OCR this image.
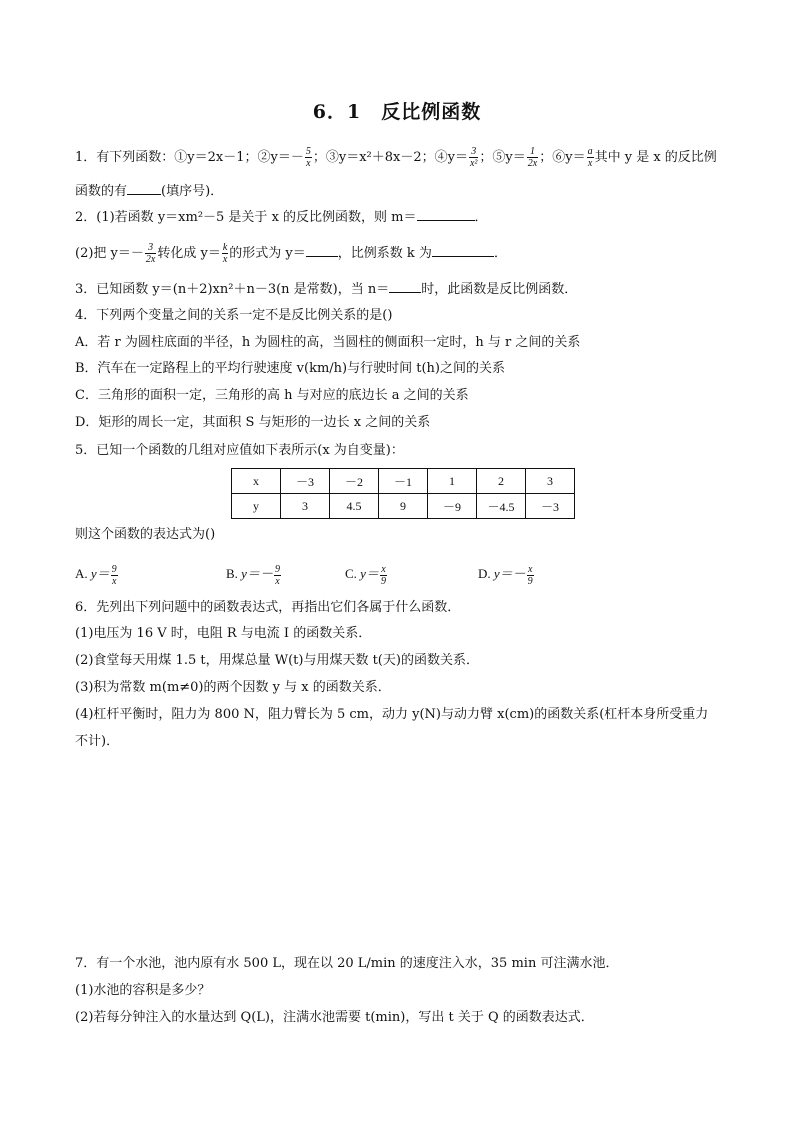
6．1　反比例函数
1．有下列函数：①y＝2x－1；②y＝－ $\frac{5}{x}$ ；③y＝x²＋8x－2；④y＝ $\frac{3}{\text{x²}}$ ；⑤y＝ $\frac{1}{2x}$ ；⑥y＝ $\frac{a}{x}$ 其中 y 是 x 的反比例
函数的有	(填序号)．
2．(1)若函数 y＝xm²－5 是关于 x 的反比例函数，则 m＝	．
(2)把 $y=- \frac{3}{2x}$ 转化成 $y= \frac{k}{x}$ 的形式为 y＝ ，比例系数 k 为	．
3．已知函数 y＝(n＋2)xn²＋n－3(n 是常数)，当 n＝ 时，此函数是反比例函数．
4．下列两个变量之间的关系一定不是反比例关系的是()
A．若 r 为圆柱底面的半径，h 为圆柱的高，当圆柱的侧面积一定时，h 与 r 之间的关系
B．汽车在一定路程上的平均行驶速度 v(km/h)与行驶时间 t(h)之间的关系
C．三角形的面积一定，三角形的高 h 与对应的底边长 a 之间的关系
D．矩形的周长一定，其面积 S 与矩形的一边长 x 之间的关系
5．已知一个函数的几组对应值如下表所示(x 为自变量)：
x	－3	－2	－1	1	2	3
y	3	4.5	9	－9	－4.5	－3
则这个函数的表达式为()
A. $y= \frac{9}{x}$	B. $y=- \frac{9}{x}$	C. $y= \frac{x}{9}$	D. $y=- \frac{x}{9}$
6．先列出下列问题中的函数表达式，再指出它们各属于什么函数．
(1)电压为 16 V 时，电阻 R 与电流 I 的函数关系．
(2)食堂每天用煤 1.5 t，用煤总量 W(t)与用煤天数 t(天)的函数关系．
(3)积为常数 m(m≠0)的两个因数 y 与 x 的函数关系．
(4)杠杆平衡时，阻力为 800 N，阻力臂长为 5 cm，动力 y(N)与动力臂 x(cm)的函数关系(杠杆本身所受重力
不计)．
7．有一个水池，池内原有水 500 L，现在以 20 L/min 的速度注入水，35 min 可注满水池．
(1)水池的容积是多少？
(2)若每分钟注入的水量达到 Q(L)，注满水池需要 t(min)，写出 t 关于 Q 的函数表达式．
